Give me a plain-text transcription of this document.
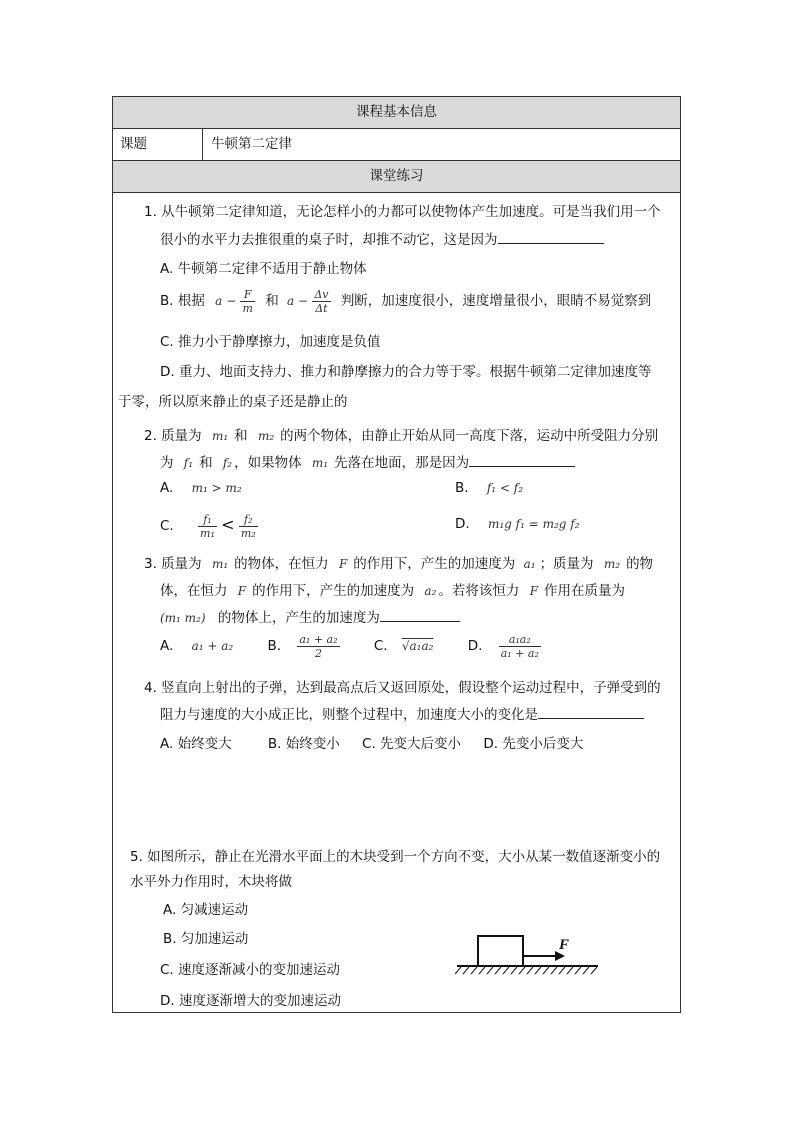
课程基本信息
课题	牛顿第二定律
课堂练习
1. 从牛顿第二定律知道，无论怎样小的力都可以使物体产生加速度。可是当我们用一个
很小的水平力去推很重的桌子时，却推不动它，这是因为
A. 牛顿第二定律不适用于静止物体
B. 根据 $a - \frac{F}{m}$ 和 $a - \frac{\Delta v}{\Delta t}$ 判断，加速度很小，速度增量很小，眼睛不易觉察到
C. 推力小于静摩擦力，加速度是负值
D. 重力、地面支持力、推力和静摩擦力的合力等于零。根据牛顿第二定律加速度等
于零，所以原来静止的桌子还是静止的
2. 质量为 m₁ 和 m₂ 的两个物体，由静止开始从同一高度下落，运动中所受阻力分别
为 f₁ 和 f₂ ，如果物体 m₁ 先落在地面，那是因为
A. m₁ > m₂	B. f₁ < f₂
C. $\frac{\text{f₁}}{\text{m₁}} < \frac{\text{f₂}}{\text{m₂}}$	D. m₁g f₁ = m₂g f₂
3. 质量为 m₁ 的物体，在恒力 F 的作用下，产生的加速度为 a₁ ；质量为 m₂ 的物
体，在恒力 F 的作用下，产生的加速度为 a₂ 。若将该恒力 F 作用在质量为
(m₁ m₂) 的物体上，产生的加速度为
A. a₁ + a₂	B. $\frac{\text{a₁ + a₂}}{2}$	C. √a₁a₂	D. $\frac{\text{a₁a₂}}{\text{a₁ + a₂}}$
4. 竖直向上射出的子弹，达到最高点后又返回原处，假设整个运动过程中，子弹受到的
阻力与速度的大小成正比，则整个过程中，加速度大小的变化是
A. 始终变大	B. 始终变小 C. 先变大后变小 D. 先变小后变大
5. 如图所示，静止在光滑水平面上的木块受到一个方向不变，大小从某一数值逐渐变小的
水平外力作用时，木块将做
A. 匀减速运动
B. 匀加速运动
C. 速度逐渐减小的变加速运动
D. 速度逐渐增大的变加速运动
F
